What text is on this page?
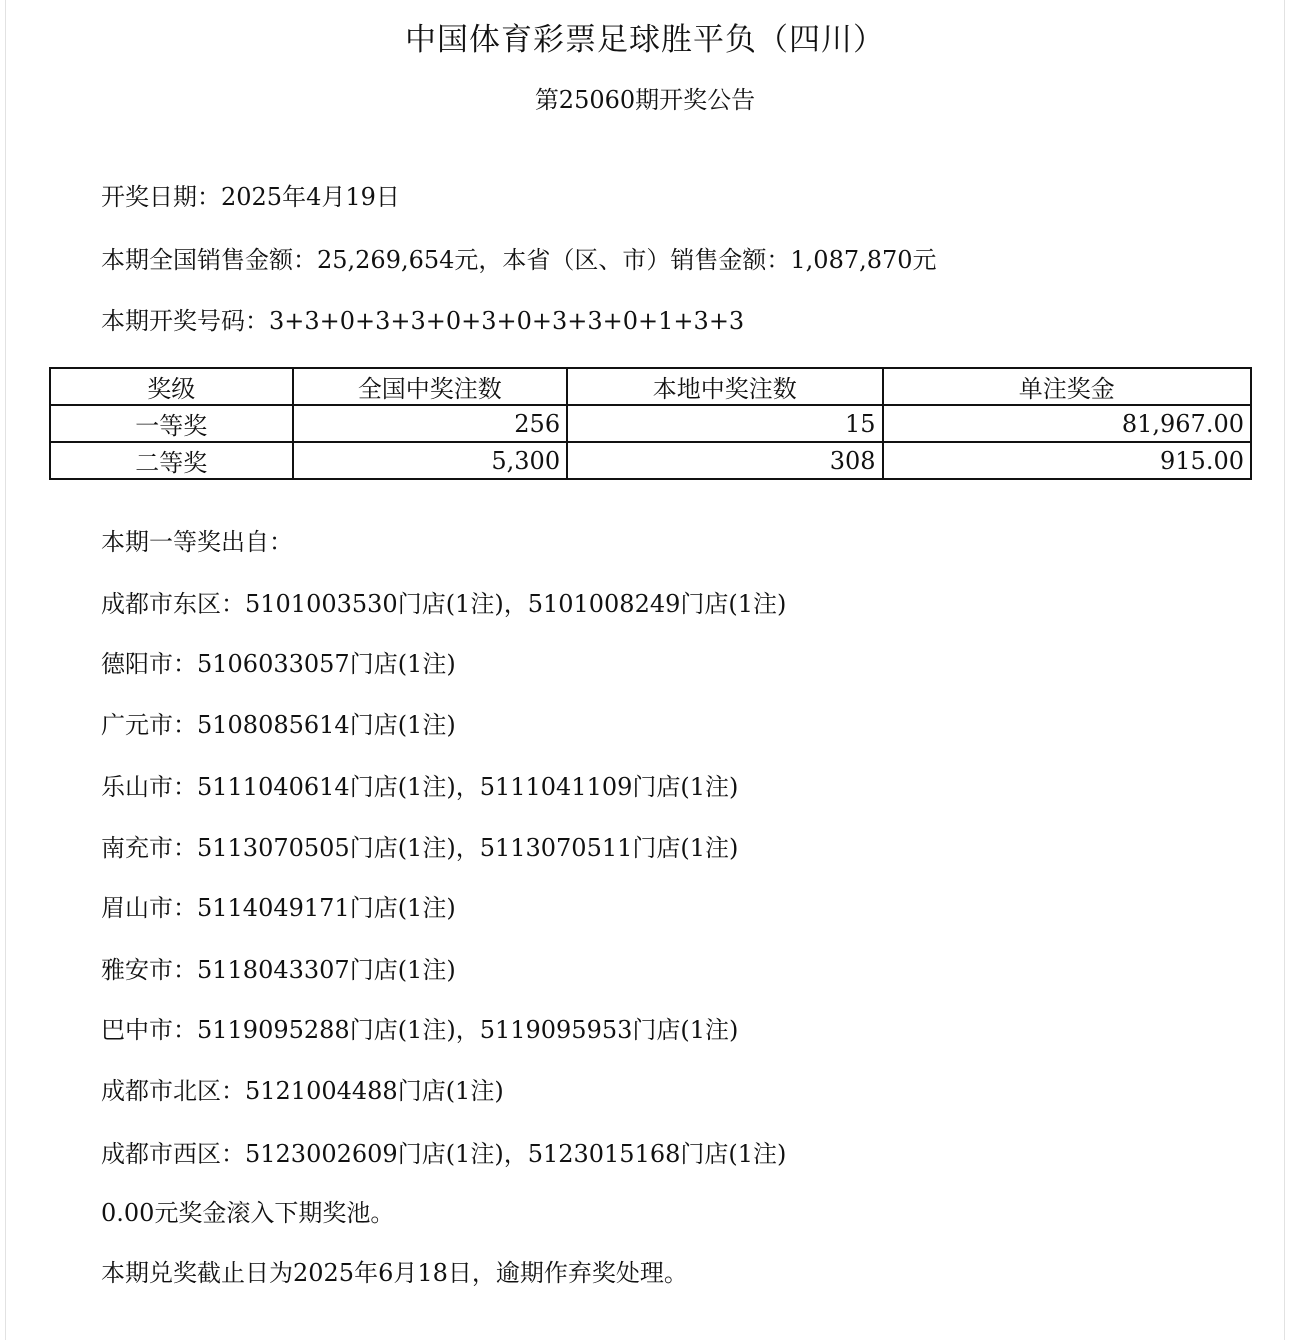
中国体育彩票足球胜平负（四川）
第25060期开奖公告
开奖日期：2025年4月19日
本期全国销售金额：25,269,654元，本省（区、市）销售金额：1,087,870元
本期开奖号码：3+3+0+3+3+0+3+0+3+3+0+1+3+3
奖级	全国中奖注数	本地中奖注数	单注奖金
一等奖	256	15	81,967.00
二等奖	5,300	308	915.00
本期一等奖出自：
成都市东区：5101003530门店(1注)，5101008249门店(1注)
德阳市：5106033057门店(1注)
广元市：5108085614门店(1注)
乐山市：5111040614门店(1注)，5111041109门店(1注)
南充市：5113070505门店(1注)，5113070511门店(1注)
眉山市：5114049171门店(1注)
雅安市：5118043307门店(1注)
巴中市：5119095288门店(1注)，5119095953门店(1注)
成都市北区：5121004488门店(1注)
成都市西区：5123002609门店(1注)，5123015168门店(1注)
0.00元奖金滚入下期奖池。
本期兑奖截止日为2025年6月18日，逾期作弃奖处理。
